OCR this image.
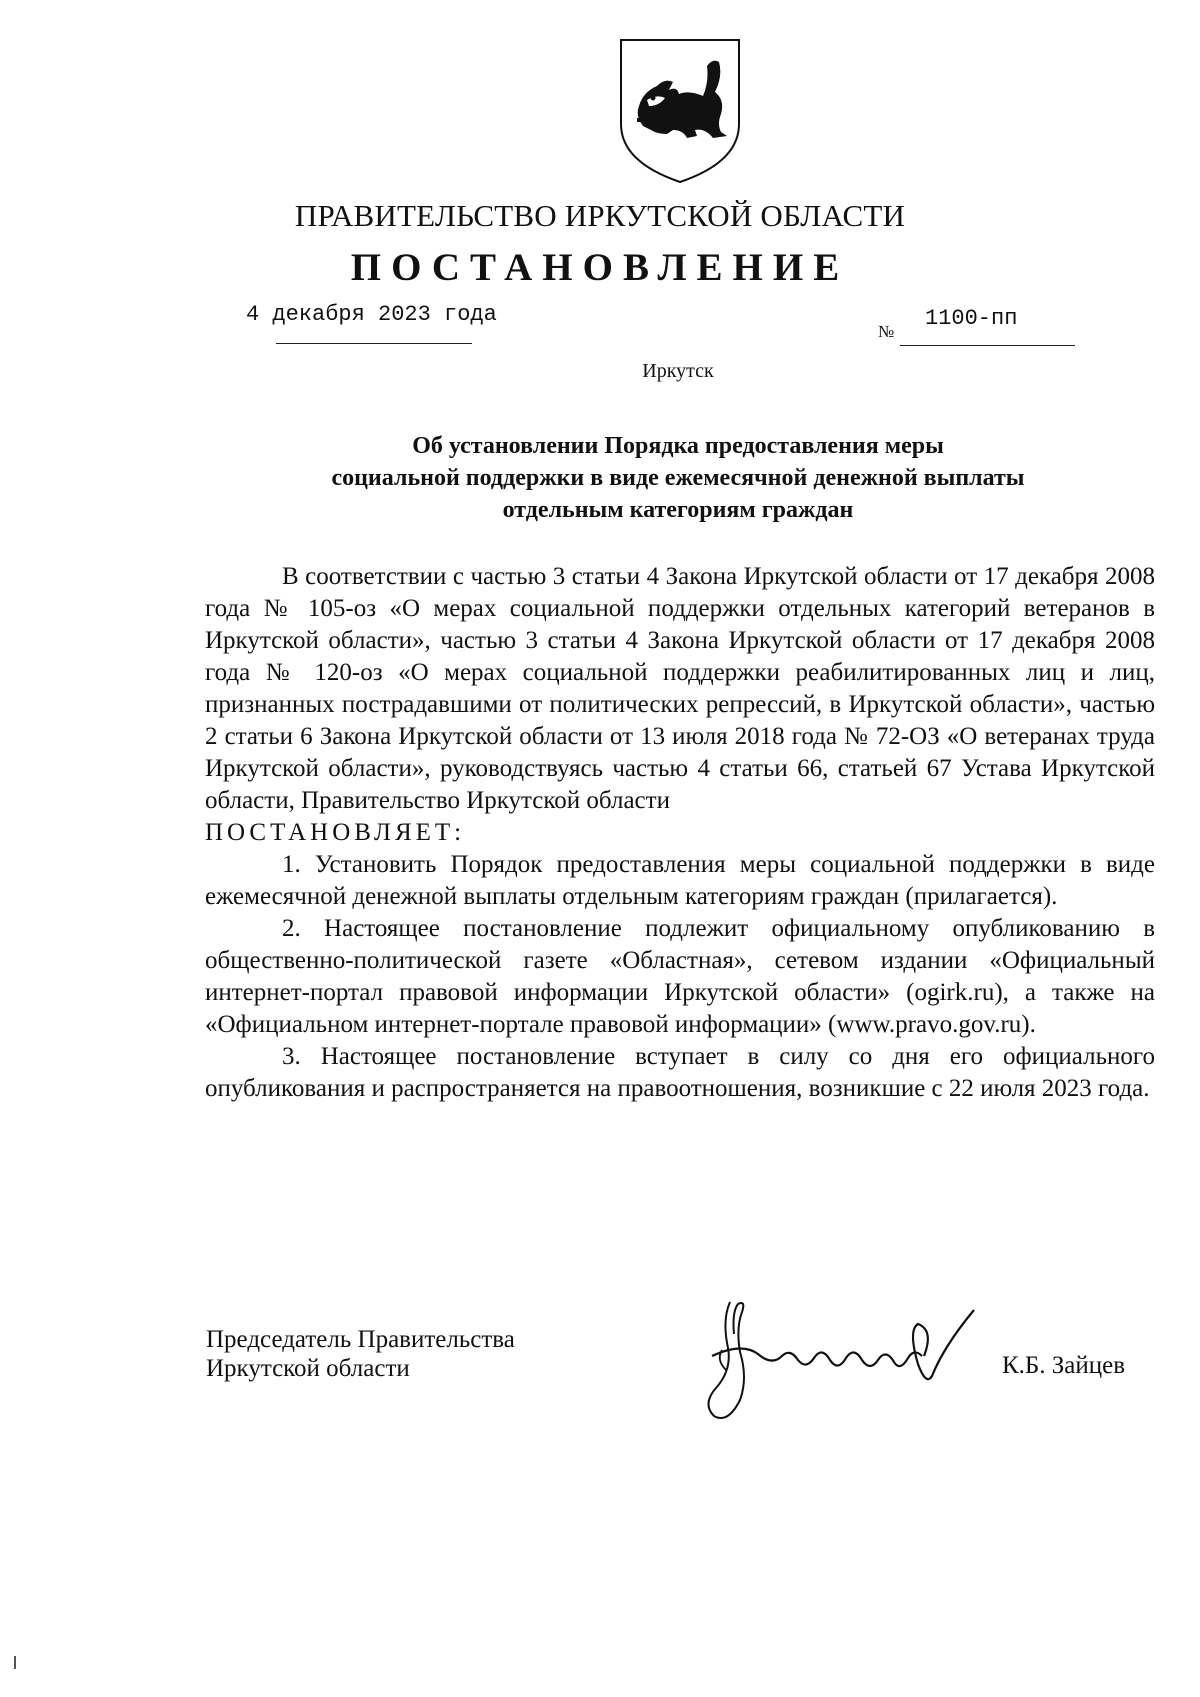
ПРАВИТЕЛЬСТВО ИРКУТСКОЙ ОБЛАСТИ
ПОСТАНОВЛЕНИЕ
4 декабря 2023 года
№
1100-пп
Иркутск
Об установлении Порядка предоставления меры
социальной поддержки в виде ежемесячной денежной выплаты
отдельным категориям граждан

В соответствии с частью 3 статьи 4 Закона Иркутской области от 17 декабря 2008 года № 105-оз «О мерах социальной поддержки отдельных категорий ветеранов в Иркутской области», частью 3 статьи 4 Закона Иркутской области от 17 декабря 2008 года № 120-оз «О мерах социальной поддержки реабилитированных лиц и лиц, признанных пострадавшими от политических репрессий, в Иркутской области», частью 2 статьи 6 Закона Иркутской области от 13 июля 2018 года № 72-ОЗ «О ветеранах труда Иркутской области», руководствуясь частью 4 статьи 66, статьей 67 Устава Иркутской области, Правительство Иркутской области

ПОСТАНОВЛЯЕТ:

1. Установить Порядок предоставления меры социальной поддержки в виде ежемесячной денежной выплаты отдельным категориям граждан (прилагается).

2. Настоящее постановление подлежит официальному опубликованию в общественно-политической газете «Областная», сетевом издании «Официальный интернет-портал правовой информации Иркутской области» (ogirk.ru), а также на «Официальном интернет-портале правовой информации» (www.pravo.gov.ru).

3. Настоящее постановление вступает в силу со дня его официального опубликования и распространяется на правоотношения, возникшие с 22 июля 2023 года.

Председатель Правительства
Иркутской области	К.Б. Зайцев
